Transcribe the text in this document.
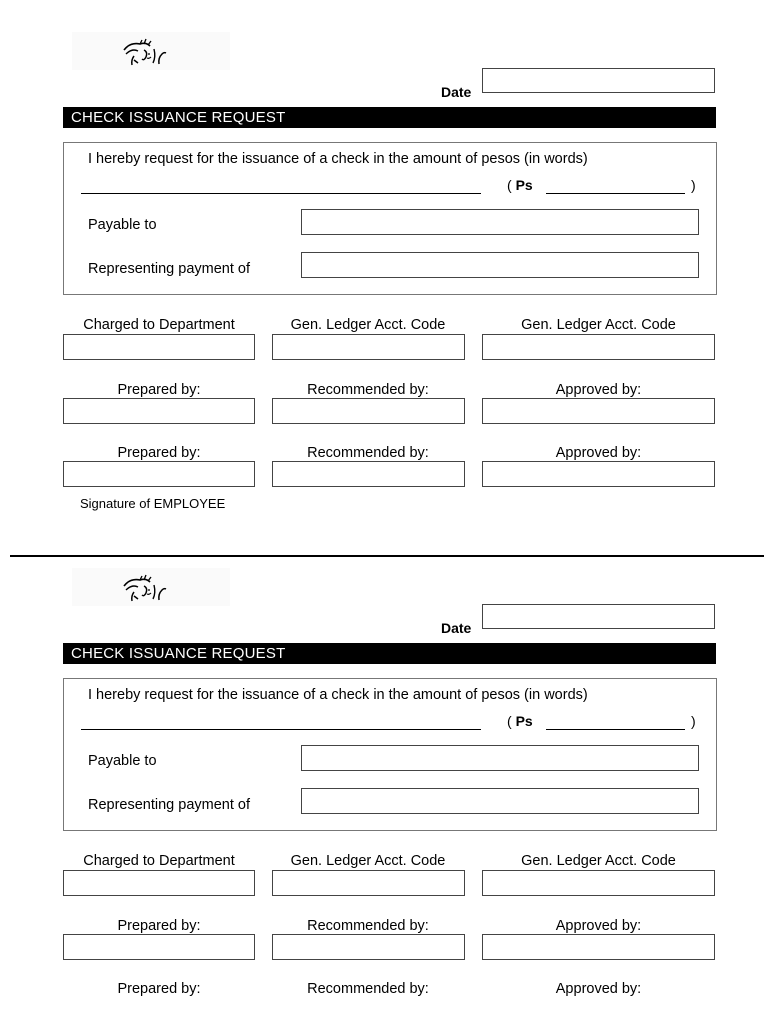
Date
CHECK ISSUANCE REQUEST
I hereby request for the issuance of a check in the amount of pesos (in words)
( Ps	)
Payable to
Representing payment of
Charged to Department	Gen. Ledger Acct. Code	Gen. Ledger Acct. Code
Prepared by:	Recommended by:	Approved by:
Prepared by:	Recommended by:	Approved by:
Signature of EMPLOYEE
Date
CHECK ISSUANCE REQUEST
I hereby request for the issuance of a check in the amount of pesos (in words)
( Ps	)
Payable to
Representing payment of
Charged to Department	Gen. Ledger Acct. Code	Gen. Ledger Acct. Code
Prepared by:	Recommended by:	Approved by:
Prepared by:	Recommended by:	Approved by:
